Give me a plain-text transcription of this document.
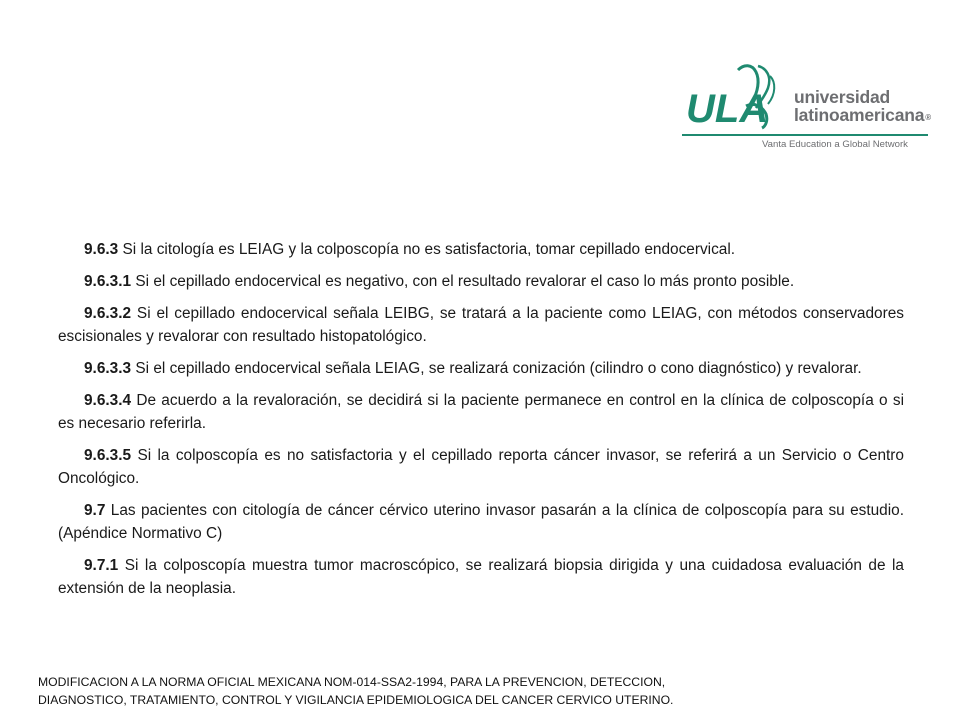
ULA universidad
latinoamericana®
Vanta Education a Global Network

9.6.3 Si la citología es LEIAG y la colposcopía no es satisfactoria, tomar cepillado endocervical.

9.6.3.1 Si el cepillado endocervical es negativo, con el resultado revalorar el caso lo más pronto posible.

9.6.3.2 Si el cepillado endocervical señala LEIBG, se tratará a la paciente como LEIAG, con métodos conservadores escisionales y revalorar con resultado histopatológico.

9.6.3.3 Si el cepillado endocervical señala LEIAG, se realizará conización (cilindro o cono diagnóstico) y revalorar.

9.6.3.4 De acuerdo a la revaloración, se decidirá si la paciente permanece en control en la clínica de colposcopía o si es necesario referirla.

9.6.3.5 Si la colposcopía es no satisfactoria y el cepillado reporta cáncer invasor, se referirá a un Servicio o Centro Oncológico.

9.7 Las pacientes con citología de cáncer cérvico uterino invasor pasarán a la clínica de colposcopía para su estudio. (Apéndice Normativo C)

9.7.1 Si la colposcopía muestra tumor macroscópico, se realizará biopsia dirigida y una cuidadosa evaluación de la extensión de la neoplasia.

MODIFICACION A LA NORMA OFICIAL MEXICANA NOM-014-SSA2-1994, PARA LA PREVENCION, DETECCION,
DIAGNOSTICO, TRATAMIENTO, CONTROL Y VIGILANCIA EPIDEMIOLOGICA DEL CANCER CERVICO UTERINO.
